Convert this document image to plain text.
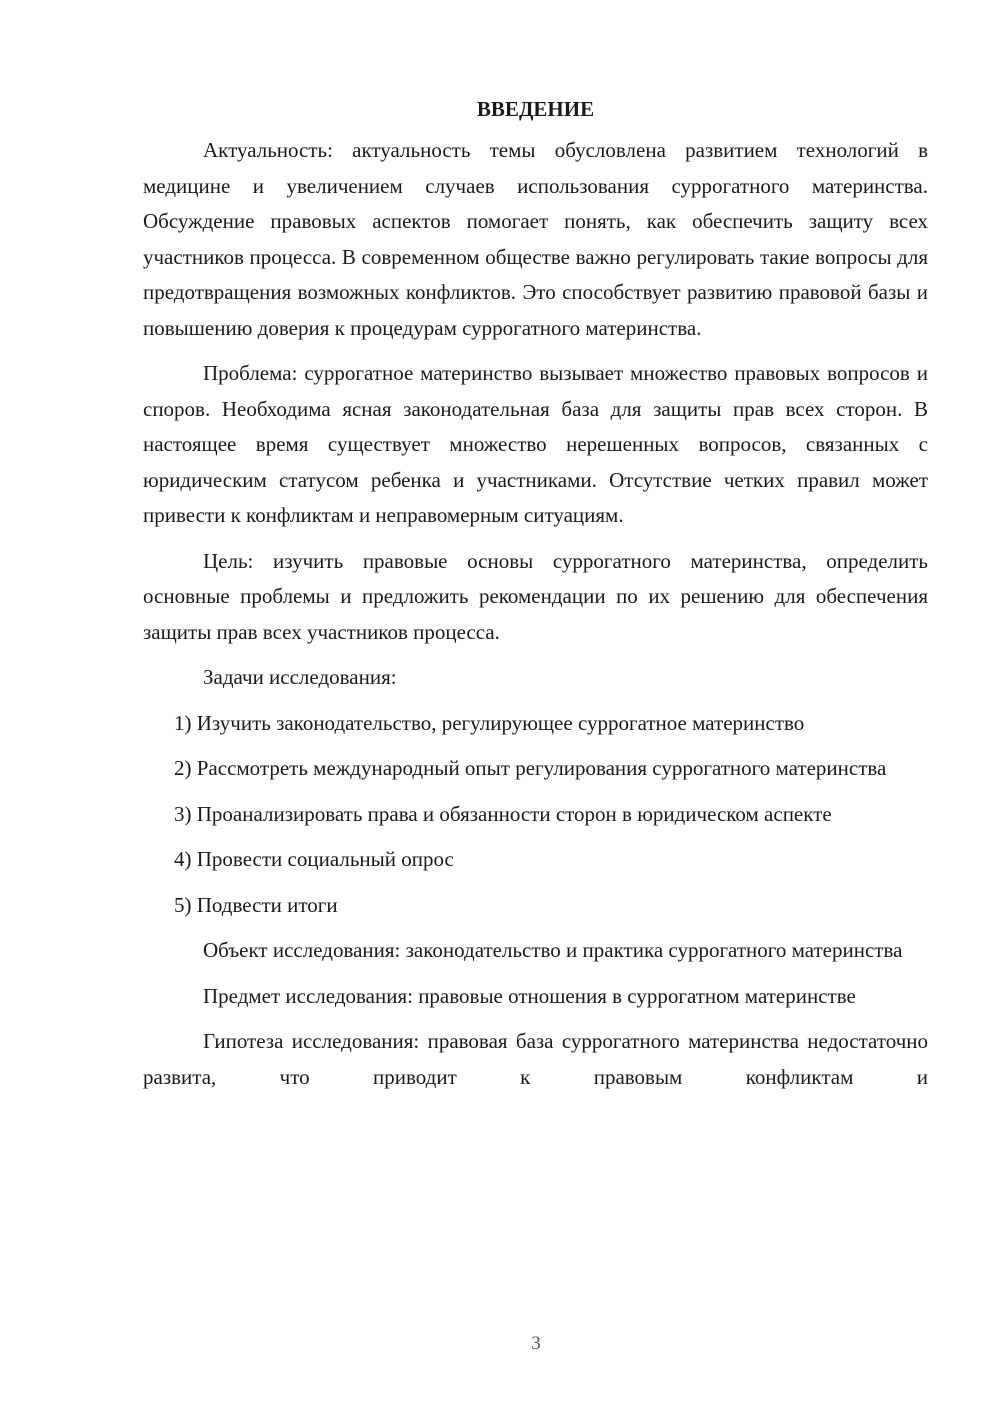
ВВЕДЕНИЕ

Актуальность: актуальность темы обусловлена развитием технологий в медицине и увеличением случаев использования суррогатного материнства. Обсуждение правовых аспектов помогает понять, как обеспечить защиту всех участников процесса. В современном обществе важно регулировать такие вопросы для предотвращения возможных конфликтов. Это способствует развитию правовой базы и повышению доверия к процедурам суррогатного материнства.

Проблема: суррогатное материнство вызывает множество правовых вопросов и споров. Необходима ясная законодательная база для защиты прав всех сторон. В настоящее время существует множество нерешенных вопросов, связанных с юридическим статусом ребенка и участниками. Отсутствие четких правил может привести к конфликтам и неправомерным ситуациям.

Цель: изучить правовые основы суррогатного материнства, определить основные проблемы и предложить рекомендации по их решению для обеспечения защиты прав всех участников процесса.

Задачи исследования:

1) Изучить законодательство, регулирующее суррогатное материнство

2) Рассмотреть международный опыт регулирования суррогатного материнства

3) Проанализировать права и обязанности сторон в юридическом аспекте

4) Провести социальный опрос

5) Подвести итоги

Объект исследования: законодательство и практика суррогатного материнства

Предмет исследования: правовые отношения в суррогатном материнстве

Гипотеза исследования: правовая база суррогатного материнства недостаточно развита, что приводит к правовым конфликтам и

3
